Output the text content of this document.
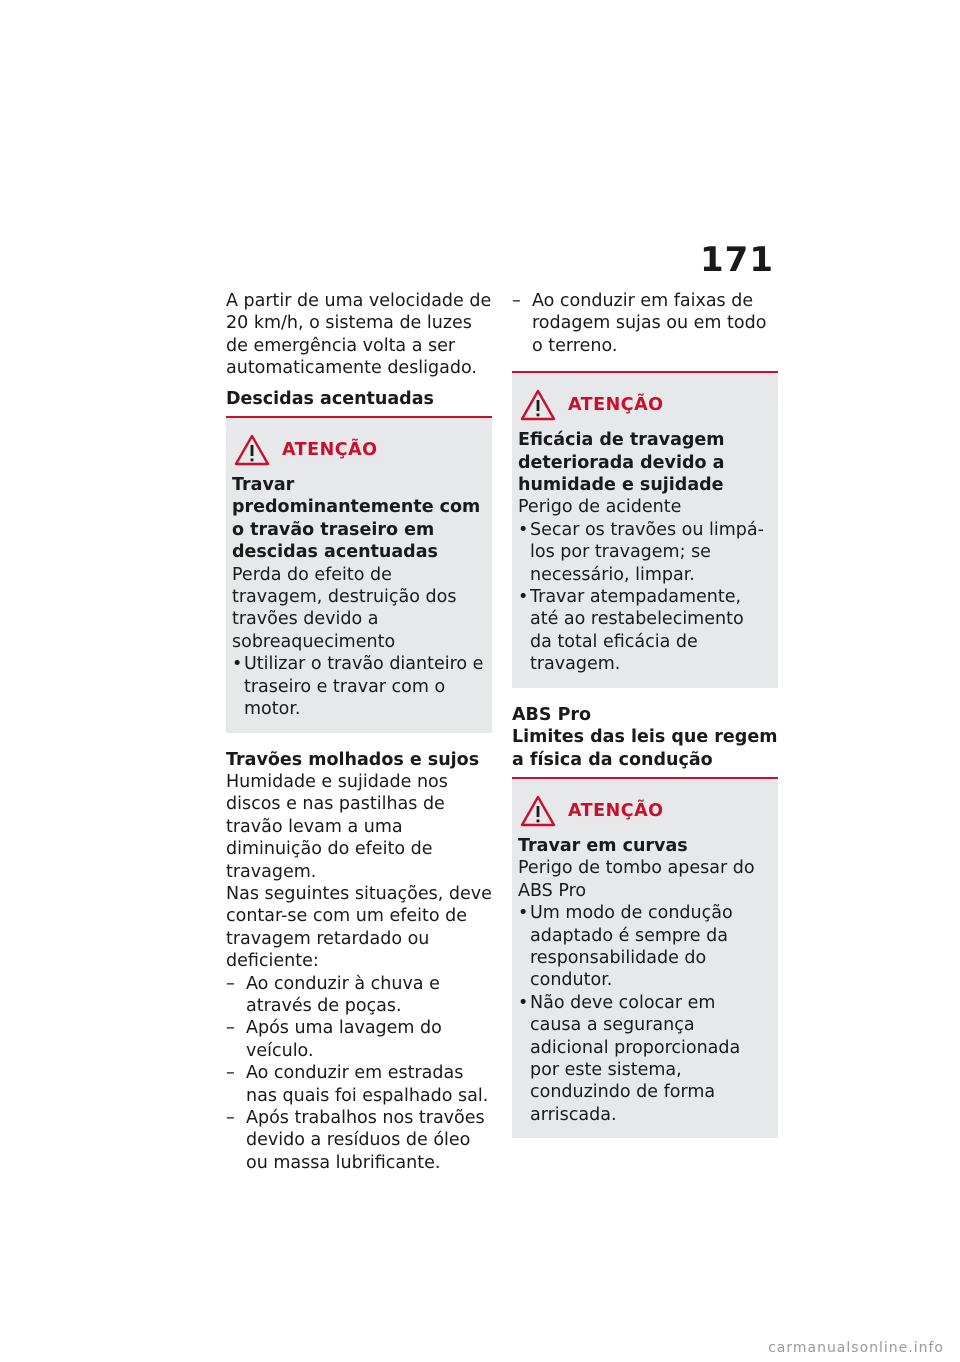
171

A partir de uma velocidade de 20 km/h, o sistema de luzes de emergência volta a ser automaticamente desligado.

Descidas acentuadas

ATENÇÃO

Travar predominantemente com o travão traseiro em descidas acentuadas

Perda do efeito de travagem, destruição dos travões devido a sobreaquecimento

• Utilizar o travão dianteiro e traseiro e travar com o motor.

Travões molhados e sujos

Humidade e sujidade nos discos e nas pastilhas de travão levam a uma diminuição do efeito de travagem.

Nas seguintes situações, deve contar-se com um efeito de travagem retardado ou deficiente:

– Ao conduzir à chuva e através de poças.
– Após uma lavagem do veículo.
– Ao conduzir em estradas nas quais foi espalhado sal.
– Após trabalhos nos travões devido a resíduos de óleo ou massa lubrificante.
– Ao conduzir em faixas de rodagem sujas ou em todo o terreno.
ATENÇÃO

Eficácia de travagem deteriorada devido a humidade e sujidade

Perigo de acidente

• Secar os travões ou limpá-los por travagem; se necessário, limpar.
• Travar atempadamente, até ao restabelecimento da total eficácia de travagem.

ABS Pro

Limites das leis que regem a física da condução

ATENÇÃO

Travar em curvas

Perigo de tombo apesar do ABS Pro

• Um modo de condução adaptado é sempre da responsabilidade do condutor.
• Não deve colocar em causa a segurança adicional proporcionada por este sistema, conduzindo de forma arriscada.
carmanualsonline.info
